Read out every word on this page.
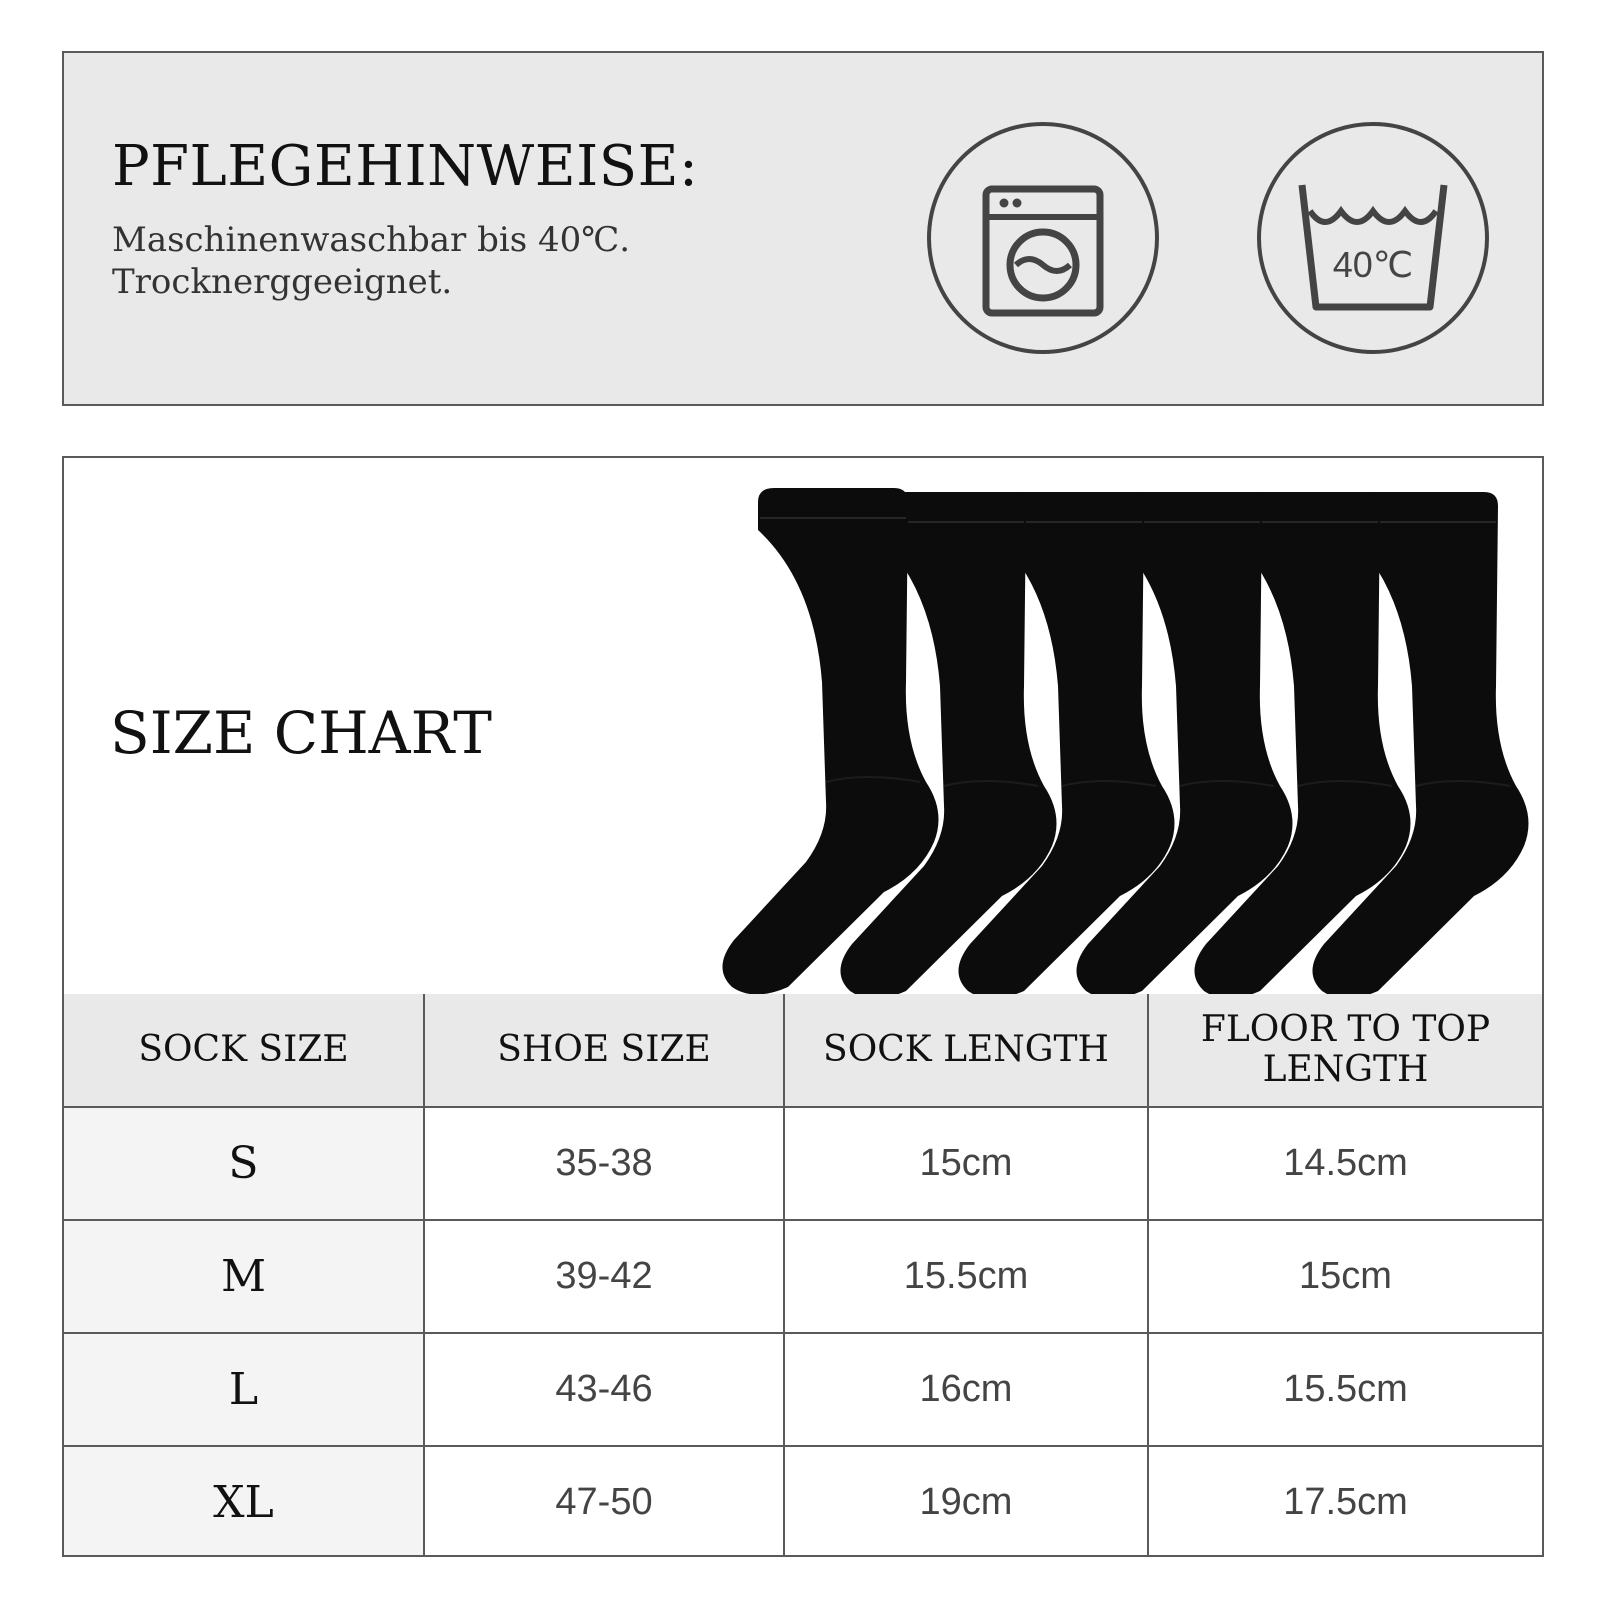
PFLEGEHINWEISE:
Maschinenwaschbar bis 40℃.
Trocknerggeeignet.	40℃
SIZE CHART
SOCK SIZE	SHOE SIZE	SOCK LENGTH	FLOOR TO TOP LENGTH
S	35-38	15cm	14.5cm
M	39-42	15.5cm	15cm
L	43-46	16cm	15.5cm
XL	47-50	19cm	17.5cm
